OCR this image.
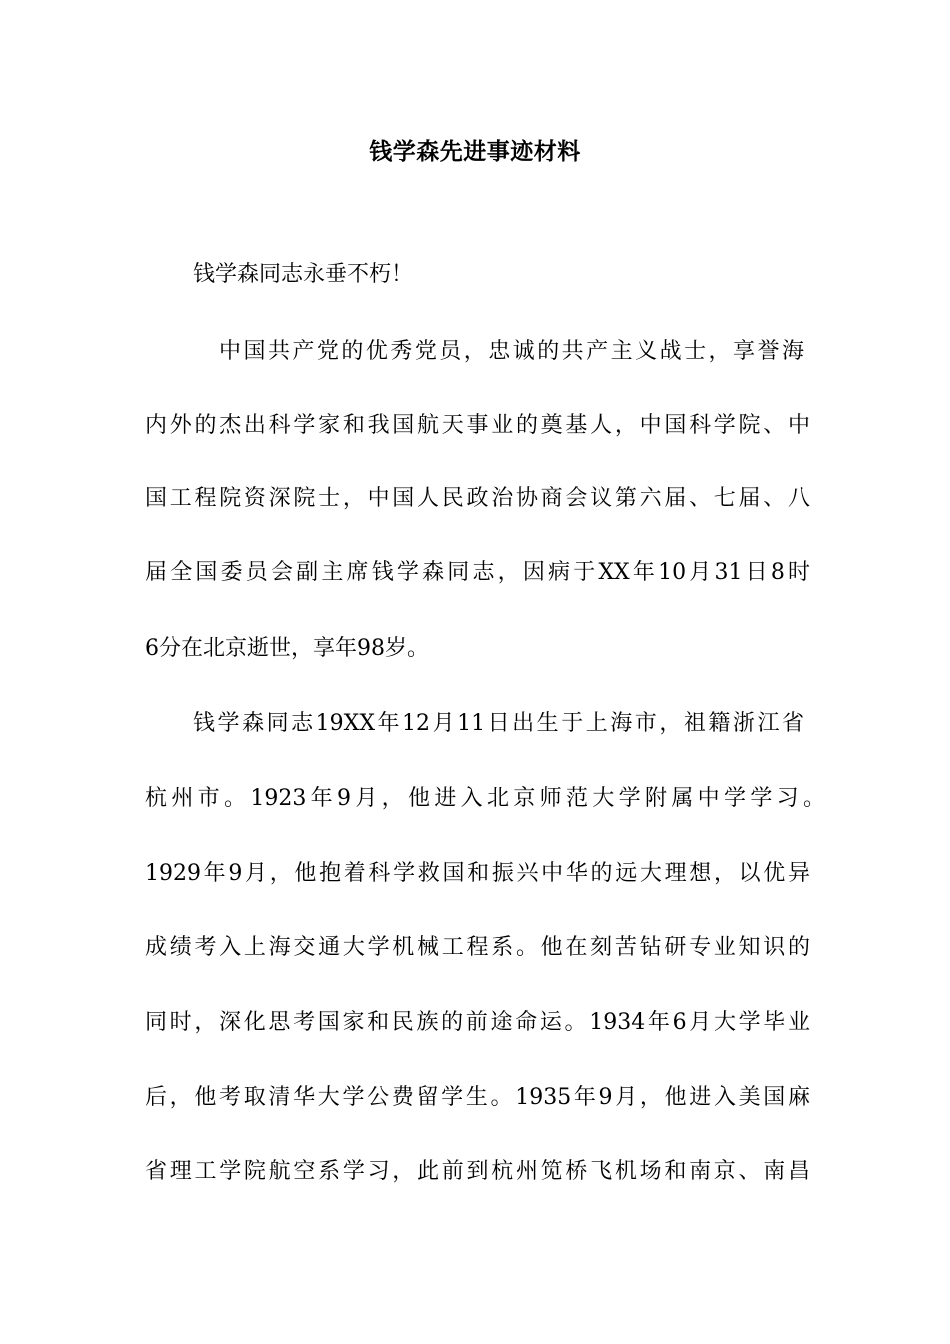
钱学森先进事迹材料
钱学森同志永垂不朽！
中国共产党的优秀党员，忠诚的共产主义战士，享誉海
内外的杰出科学家和我国航天事业的奠基人，中国科学院、中
国工程院资深院士，中国人民政治协商会议第六届、七届、八
届全国委员会副主席钱学森同志，因病于XX年10月31日8时
6分在北京逝世，享年98岁。
钱学森同志19XX年12月11日出生于上海市，祖籍浙江省
杭州市。1923年9月，他进入北京师范大学附属中学学习。
1929年9月，他抱着科学救国和振兴中华的远大理想，以优异
成绩考入上海交通大学机械工程系。他在刻苦钻研专业知识的
同时，深化思考国家和民族的前途命运。1934年6月大学毕业
后，他考取清华大学公费留学生。1935年9月，他进入美国麻
省理工学院航空系学习，此前到杭州笕桥飞机场和南京、南昌
